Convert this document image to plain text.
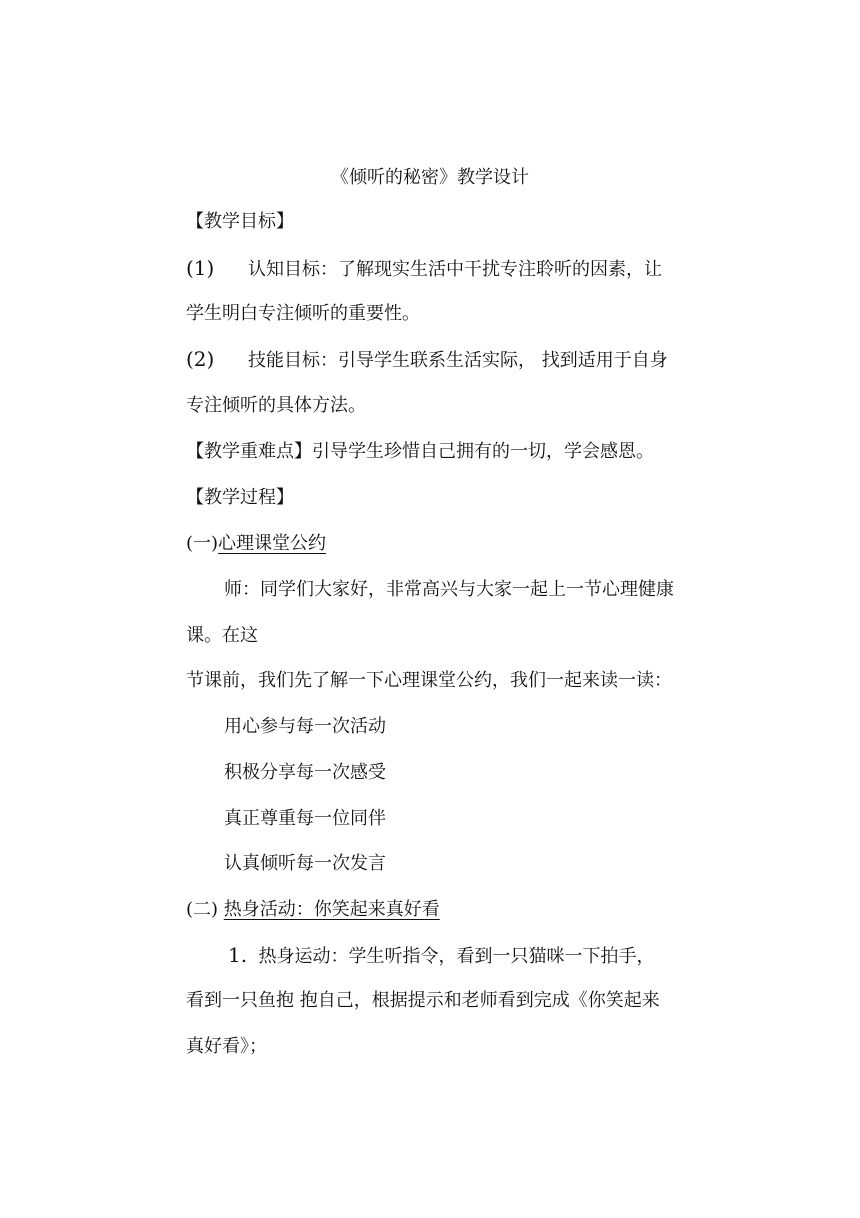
《倾听的秘密》教学设计
【教学目标】
(1) 认知目标：了解现实生活中干扰专注聆听的因素，让
学生明白专注倾听的重要性。
(2) 技能目标：引导学生联系生活实际， 找到适用于自身
专注倾听的具体方法。
【教学重难点】引导学生珍惜自己拥有的一切，学会感恩。
【教学过程】
(一)心理课堂公约
师：同学们大家好，非常高兴与大家一起上一节心理健康
课。在这
节课前，我们先了解一下心理课堂公约，我们一起来读一读：
用心参与每一次活动
积极分享每一次感受
真正尊重每一位同伴
认真倾听每一次发言
(二) 热身活动：你笑起来真好看
1. 热身运动：学生听指令，看到一只猫咪一下拍手，
看到一只鱼抱 抱自己，根据提示和老师看到完成《你笑起来
真好看》；
